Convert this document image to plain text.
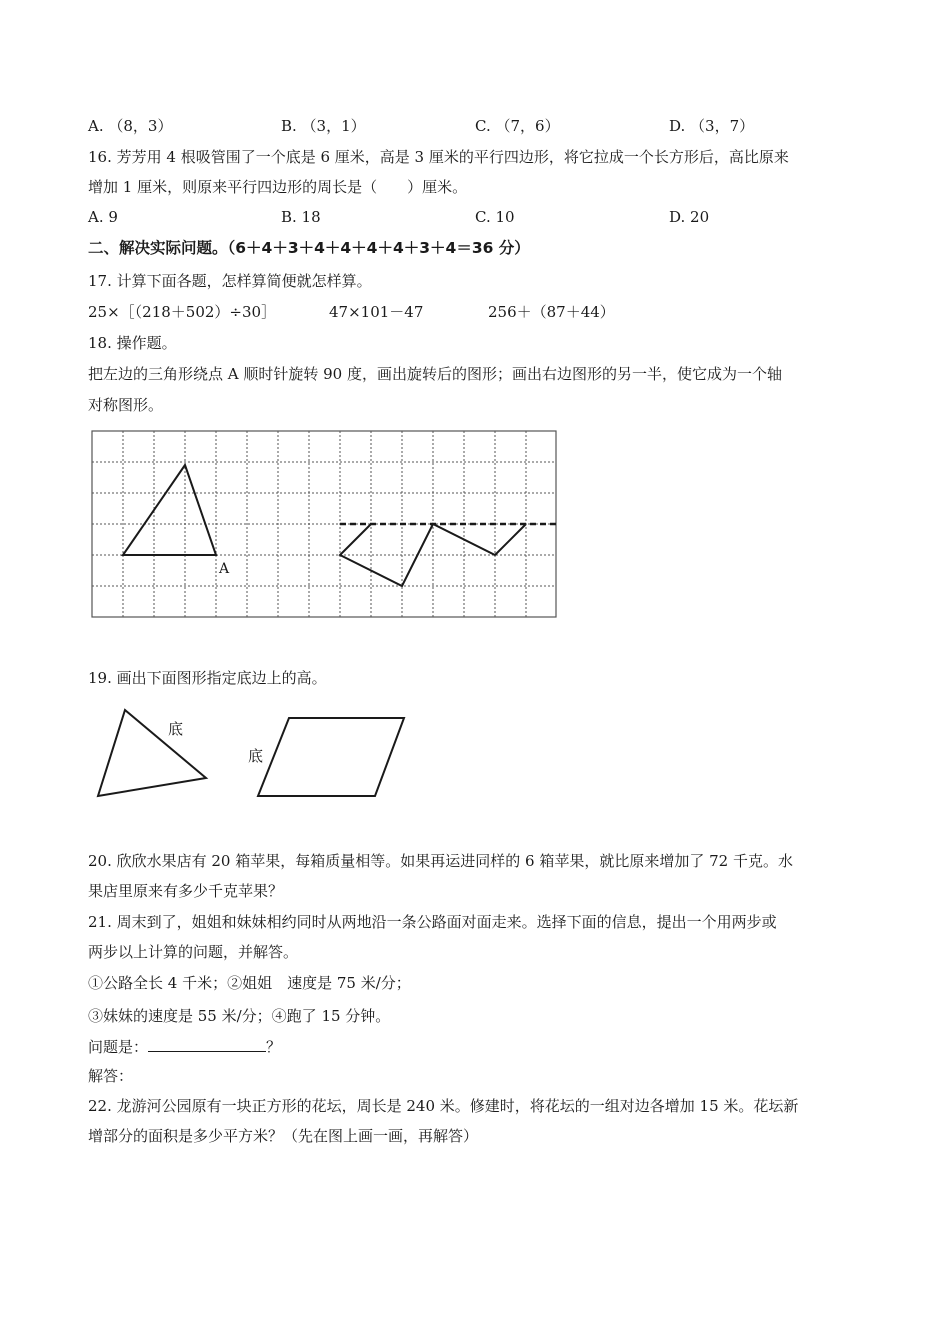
A. （8，3）	B. （3，1）	C. （7，6）	D. （3，7）
16. 芳芳用 4 根吸管围了一个底是 6 厘米，高是 3 厘米的平行四边形，将它拉成一个长方形后，高比原来
增加 1 厘米，则原来平行四边形的周长是（　　）厘米。
A. 9	B. 18	C. 10	D. 20
二、解决实际问题。（6＋4＋3＋4＋4＋4＋4＋3＋4＝36 分）
17. 计算下面各题，怎样算简便就怎样算。
25×［（218＋502）÷30］	47×101－47	256＋（87＋44）
18. 操作题。
把左边的三角形绕点 A 顺时针旋转 90 度，画出旋转后的图形；画出右边图形的另一半，使它成为一个轴
对称图形。
A
19. 画出下面图形指定底边上的高。
底
底
20. 欣欣水果店有 20 箱苹果，每箱质量相等。如果再运进同样的 6 箱苹果，就比原来增加了 72 千克。水
果店里原来有多少千克苹果？
21. 周末到了，姐姐和妹妹相约同时从两地沿一条公路面对面走来。选择下面的信息，提出一个用两步或
两步以上计算的问题，并解答。
①公路全长 4 千米；②姐姐　速度是 75 米/分；
③妹妹的速度是 55 米/分；④跑了 15 分钟。
问题是：	？
解答：
22. 龙游河公园原有一块正方形的花坛，周长是 240 米。修建时，将花坛的一组对边各增加 15 米。花坛新
增部分的面积是多少平方米？（先在图上画一画，再解答）
